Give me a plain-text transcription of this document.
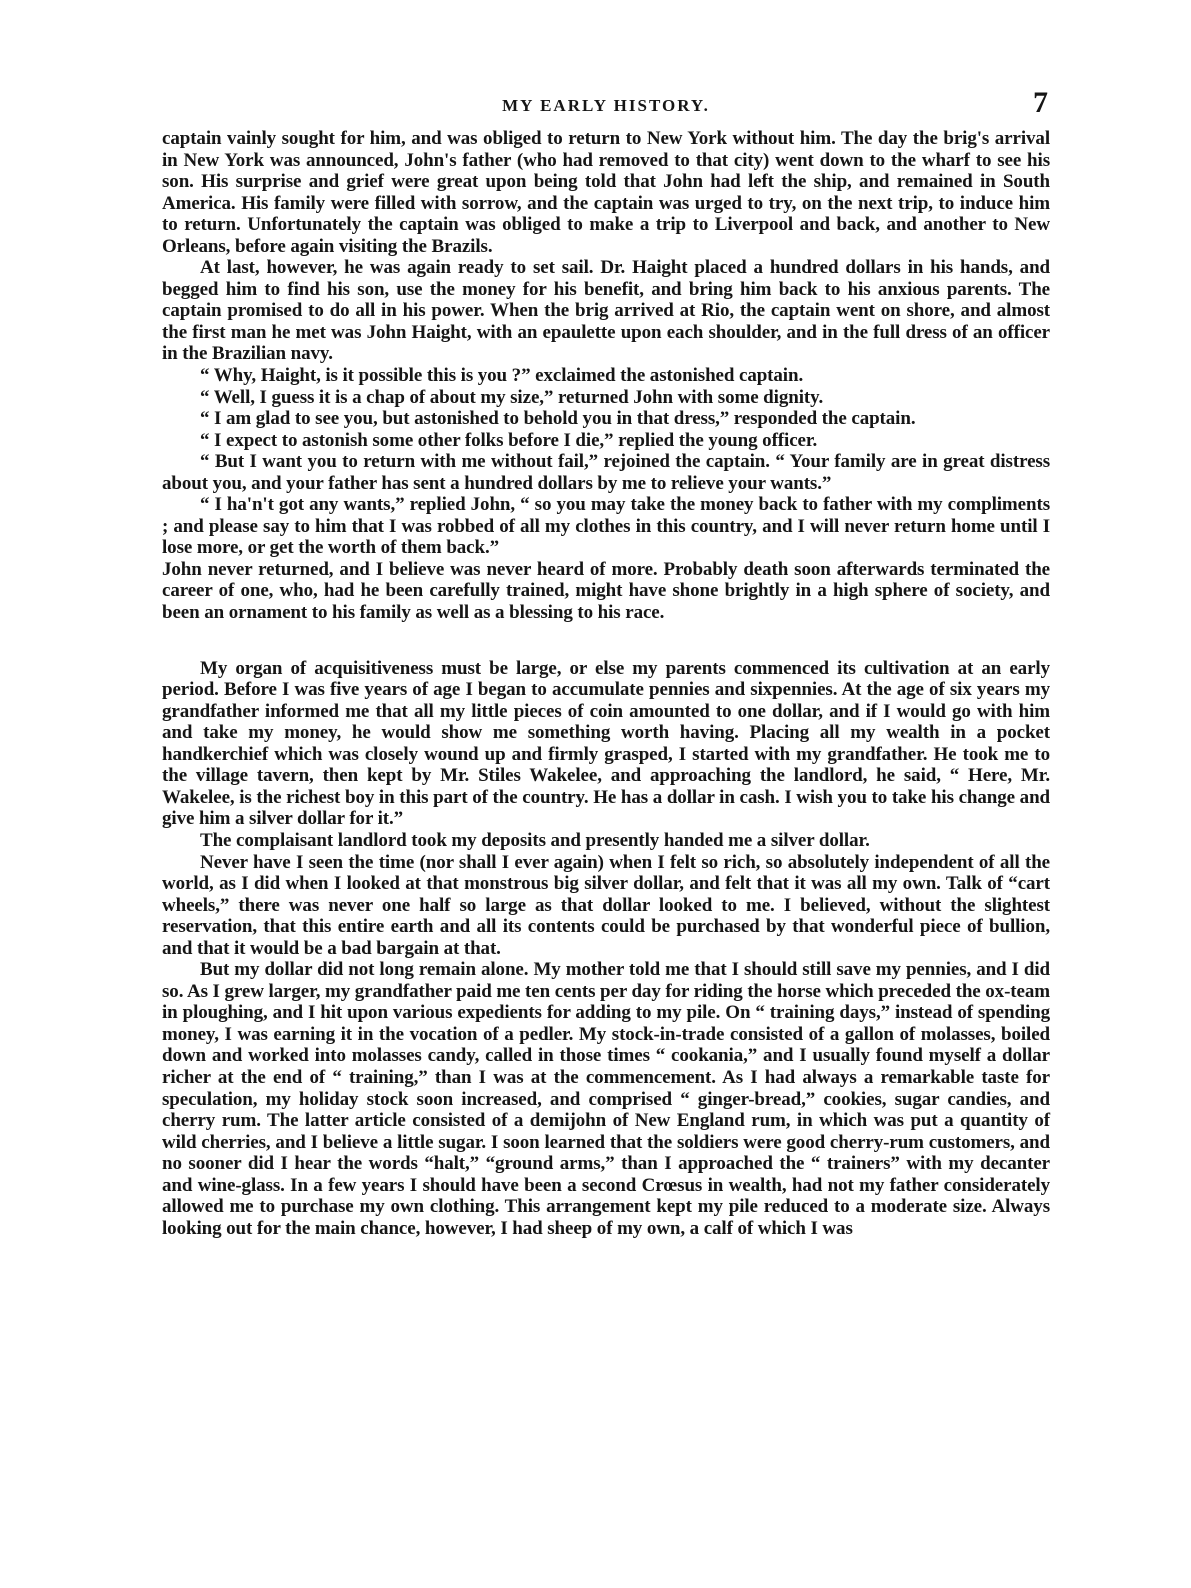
MY EARLY HISTORY.	7

captain vainly sought for him, and was obliged to return to New York without him. The day the brig's arrival in New York was announced, John's father (who had removed to that city) went down to the wharf to see his son. His surprise and grief were great upon being told that John had left the ship, and remained in South America. His family were filled with sorrow, and the captain was urged to try, on the next trip, to induce him to return. Unfortunately the captain was obliged to make a trip to Liverpool and back, and another to New Orleans, before again visiting the Brazils.

At last, however, he was again ready to set sail. Dr. Haight placed a hundred dollars in his hands, and begged him to find his son, use the money for his benefit, and bring him back to his anxious parents. The captain promised to do all in his power. When the brig arrived at Rio, the captain went on shore, and almost the first man he met was John Haight, with an epaulette upon each shoulder, and in the full dress of an officer in the Brazilian navy.

“ Why, Haight, is it possible this is you ?” exclaimed the astonished captain.

“ Well, I guess it is a chap of about my size,” returned John with some dignity.

“ I am glad to see you, but astonished to behold you in that dress,” responded the captain.

“ I expect to astonish some other folks before I die,” replied the young officer.

“ But I want you to return with me without fail,” rejoined the captain. “ Your family are in great distress about you, and your father has sent a hundred dollars by me to relieve your wants.”

“ I ha'n't got any wants,” replied John, “ so you may take the money back to father with my compliments ; and please say to him that I was robbed of all my clothes in this country, and I will never return home until I lose more, or get the worth of them back.”

John never returned, and I believe was never heard of more. Probably death soon afterwards terminated the career of one, who, had he been carefully trained, might have shone brightly in a high sphere of society, and been an ornament to his family as well as a blessing to his race.

My organ of acquisitiveness must be large, or else my parents commenced its cultivation at an early period. Before I was five years of age I began to accumulate pennies and sixpennies. At the age of six years my grandfather informed me that all my little pieces of coin amounted to one dollar, and if I would go with him and take my money, he would show me something worth having. Placing all my wealth in a pocket handkerchief which was closely wound up and firmly grasped, I started with my grandfather. He took me to the village tavern, then kept by Mr. Stiles Wakelee, and approaching the landlord, he said, “ Here, Mr. Wakelee, is the richest boy in this part of the country. He has a dollar in cash. I wish you to take his change and give him a silver dollar for it.”

The complaisant landlord took my deposits and presently handed me a silver dollar.

Never have I seen the time (nor shall I ever again) when I felt so rich, so absolutely independent of all the world, as I did when I looked at that monstrous big silver dollar, and felt that it was all my own. Talk of “cart wheels,” there was never one half so large as that dollar looked to me. I believed, without the slightest reservation, that this entire earth and all its contents could be purchased by that wonderful piece of bullion, and that it would be a bad bargain at that.

But my dollar did not long remain alone. My mother told me that I should still save my pennies, and I did so. As I grew larger, my grandfather paid me ten cents per day for riding the horse which preceded the ox-team in ploughing, and I hit upon various expedients for adding to my pile. On “ training days,” instead of spending money, I was earning it in the vocation of a pedler. My stock-in-trade consisted of a gallon of molasses, boiled down and worked into molasses candy, called in those times “ cookania,” and I usually found myself a dollar richer at the end of “ training,” than I was at the commencement. As I had always a remarkable taste for speculation, my holiday stock soon increased, and comprised “ ginger-bread,” cookies, sugar candies, and cherry rum. The latter article consisted of a demijohn of New England rum, in which was put a quantity of wild cherries, and I believe a little sugar. I soon learned that the soldiers were good cherry-rum customers, and no sooner did I hear the words “halt,” “ground arms,” than I approached the “ trainers” with my decanter and wine-glass. In a few years I should have been a second Crœsus in wealth, had not my father considerately allowed me to purchase my own clothing. This arrangement kept my pile reduced to a moderate size. Always looking out for the main chance, however, I had sheep of my own, a calf of which I was
